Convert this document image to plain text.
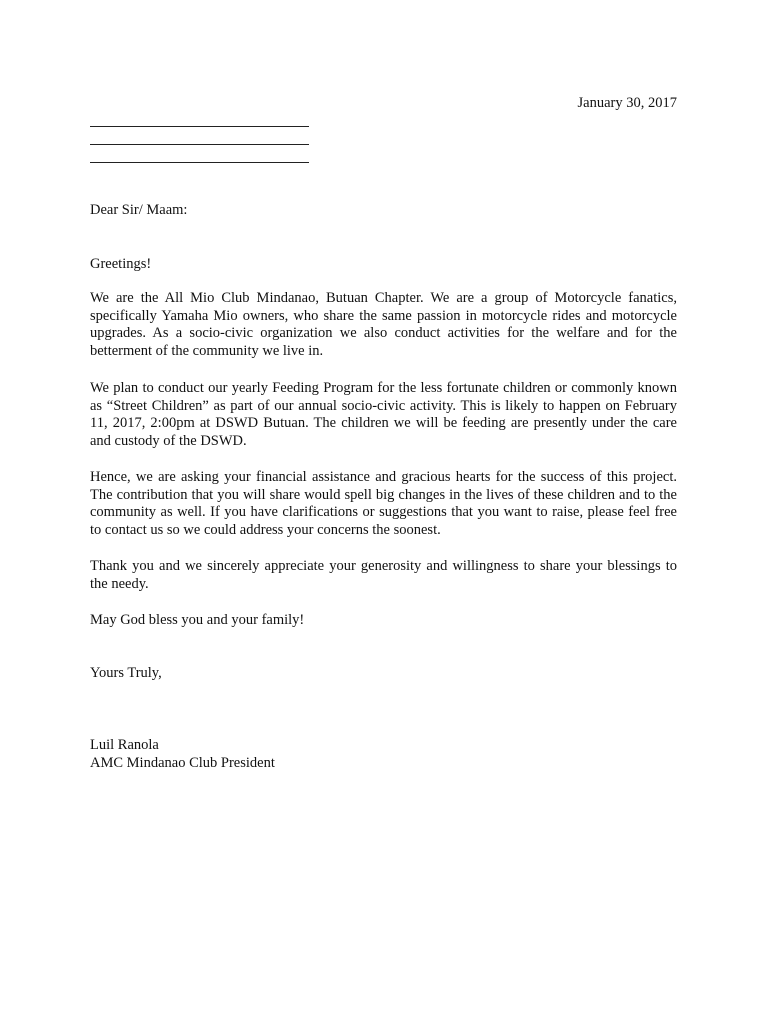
January 30, 2017

Dear Sir/ Maam:

Greetings!

We are the All Mio Club Mindanao, Butuan Chapter. We are a group of Motorcycle fanatics, specifically Yamaha Mio owners, who share the same passion in motorcycle rides and motorcycle upgrades. As a socio-civic organization we also conduct activities for the welfare and for the betterment of the community we live in.

We plan to conduct our yearly Feeding Program for the less fortunate children or commonly known as “Street Children” as part of our annual socio-civic activity. This is likely to happen on February 11, 2017, 2:00pm at DSWD Butuan. The children we will be feeding are presently under the care and custody of the DSWD.

Hence, we are asking your financial assistance and gracious hearts for the success of this project. The contribution that you will share would spell big changes in the lives of these children and to the community as well. If you have clarifications or suggestions that you want to raise, please feel free to contact us so we could address your concerns the soonest.

Thank you and we sincerely appreciate your generosity and willingness to share your blessings to the needy.

May God bless you and your family!

Yours Truly,

Luil Ranola
AMC Mindanao Club President
